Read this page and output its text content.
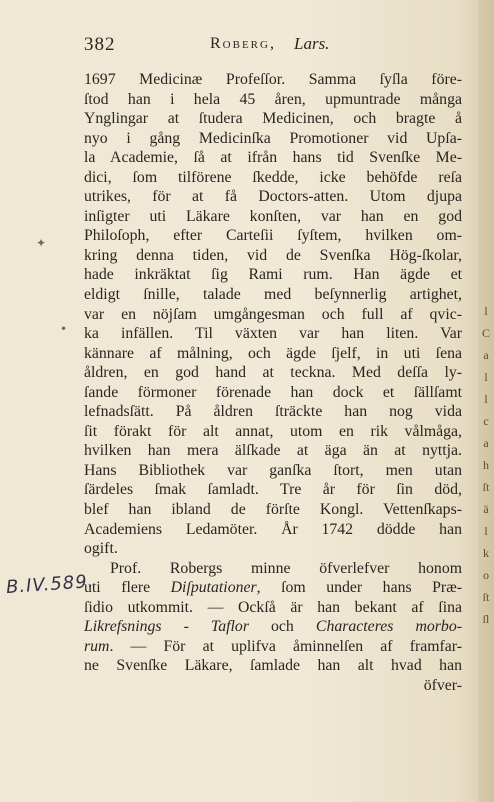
382	Roberg, Lars.
1697 Medicinæ Profeſſor. Samma ſyſla före-
ſtod han i hela 45 åren, upmuntrade många
Ynglingar at ſtudera Medicinen, och bragte å
nyo i gång Medicinſka Promotioner vid Upſa-
la Academie, ſå at ifrån hans tid Svenſke Me-
dici, ſom tilförene ſkedde, icke behöfde reſa
utrikes, för at få Doctors-atten. Utom djupa
inſigter uti Läkare konſten, var han en god
Philoſoph, efter Carteſii ſyſtem, hvilken om-
kring denna tiden, vid de Svenſka Hög-ſkolar,
hade inkräktat ſig Rami rum. Han ägde et
eldigt ſnille, talade med beſynnerlig artighet,
var en nöjſam umgångesman och full af qvic-
ka infällen. Til växten var han liten. Var
kännare af målning, och ägde ſjelf, in uti ſena
åldren, en god hand at teckna. Med deſſa ly-
ſande förmoner förenade han dock et ſällſamt
lefnadsſätt. På åldren ſträckte han nog vida
ſit förakt för alt annat, utom en rik vålmåga,
hvilken han mera älſkade at äga än at nyttja.
Hans Bibliothek var ganſka ſtort, men utan
ſärdeles ſmak ſamladt. Tre år för ſin död,
blef han ibland de förſte Kongl. Vettenſkaps-
Academiens Ledamöter. År 1742 dödde han
ogift.
Prof. Robergs minne öfverlefver honom
uti flere Diſputationer, ſom under hans Præ-
ſidio utkommit. — Ockſå är han bekant af ſina
Likrefsnings - Taflor och Characteres morbo-
rum. — För at uplifva åminnelſen af framfar-
ne Svenſke Läkare, ſamlade han alt hvad han
öfver-
B.IV.589.
✦
•
l
C
a
l
l
c
a
h
ſt
ä
l
k
o
ſt
ſl
